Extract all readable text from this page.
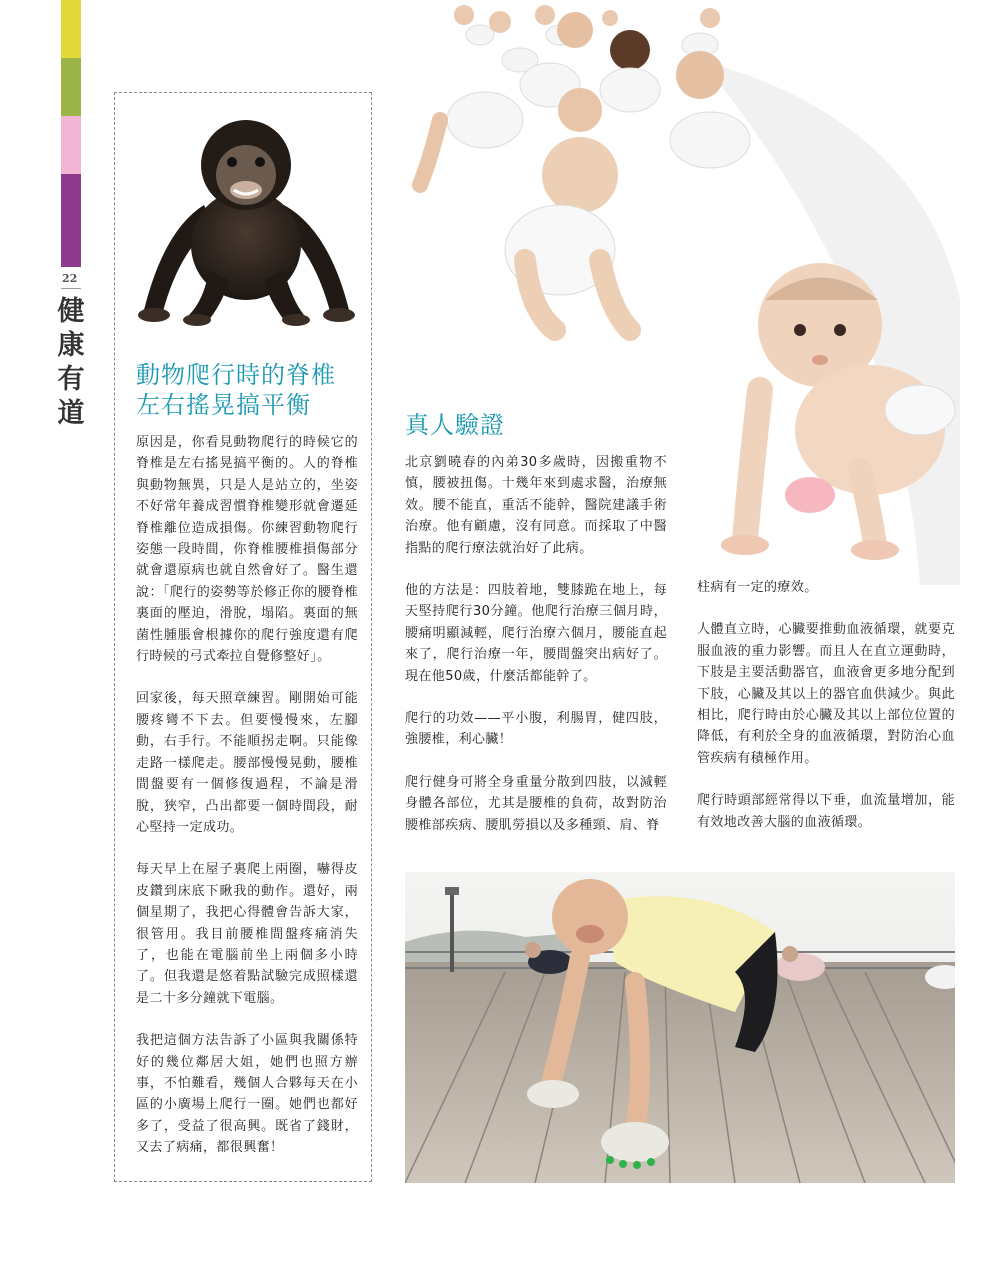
22
健康有道
動物爬行時的脊椎
左右搖晃搞平衡

原因是，你看見動物爬行的時候它的脊椎是左右搖晃搞平衡的。人的脊椎與動物無異，只是人是站立的，坐姿不好常年養成習慣脊椎變形就會遷延脊椎離位造成損傷。你練習動物爬行姿態一段時間，你脊椎腰椎損傷部分就會還原病也就自然會好了。醫生還說：「爬行的姿勢等於修正你的腰脊椎裏面的壓迫，滑脫，塌陷。裏面的無菌性腫脹會根據你的爬行強度還有爬行時候的弓式牽拉自覺修整好」。

回家後，每天照章練習。剛開始可能腰疼彎不下去。但要慢慢來，左腳動，右手行。不能順拐走啊。只能像走路一樣爬走。腰部慢慢晃動，腰椎間盤要有一個修復過程，不論是滑脫，狹窄，凸出都要一個時間段，耐心堅持一定成功。

每天早上在屋子裏爬上兩圈，嚇得皮皮鑽到床底下瞅我的動作。還好，兩個星期了，我把心得體會告訴大家，很管用。我目前腰椎間盤疼痛消失了，也能在電腦前坐上兩個多小時了。但我還是悠着點試驗完成照樣還是二十多分鐘就下電腦。

我把這個方法告訴了小區與我關係特好的幾位鄰居大姐，她們也照方辦事，不怕難看，幾個人合夥每天在小區的小廣場上爬行一圈。她們也都好多了，受益了很高興。既省了錢財，又去了病痛，都很興奮！

真人驗證

北京劉曉春的內弟30多歲時，因搬重物不慎，腰被扭傷。十幾年來到處求醫，治療無效。腰不能直，重活不能幹，醫院建議手術治療。他有顧慮，沒有同意。而採取了中醫指點的爬行療法就治好了此病。

他的方法是：四肢着地，雙膝跪在地上，每天堅持爬行30分鐘。他爬行治療三個月時，腰痛明顯減輕，爬行治療六個月，腰能直起來了，爬行治療一年，腰間盤突出病好了。現在他50歲，什麼活都能幹了。

爬行的功效——平小腹，利腸胃，健四肢，強腰椎，利心臟！

爬行健身可將全身重量分散到四肢，以減輕身體各部位，尤其是腰椎的負荷，故對防治腰椎部疾病、腰肌勞損以及多種頸、肩、脊

柱病有一定的療效。

人體直立時，心臟要推動血液循環，就要克服血液的重力影響。而且人在直立運動時，下肢是主要活動器官，血液會更多地分配到下肢，心臟及其以上的器官血供減少。與此相比，爬行時由於心臟及其以上部位位置的降低，有利於全身的血液循環，對防治心血管疾病有積極作用。

爬行時頭部經常得以下垂，血流量增加，能有效地改善大腦的血液循環。
